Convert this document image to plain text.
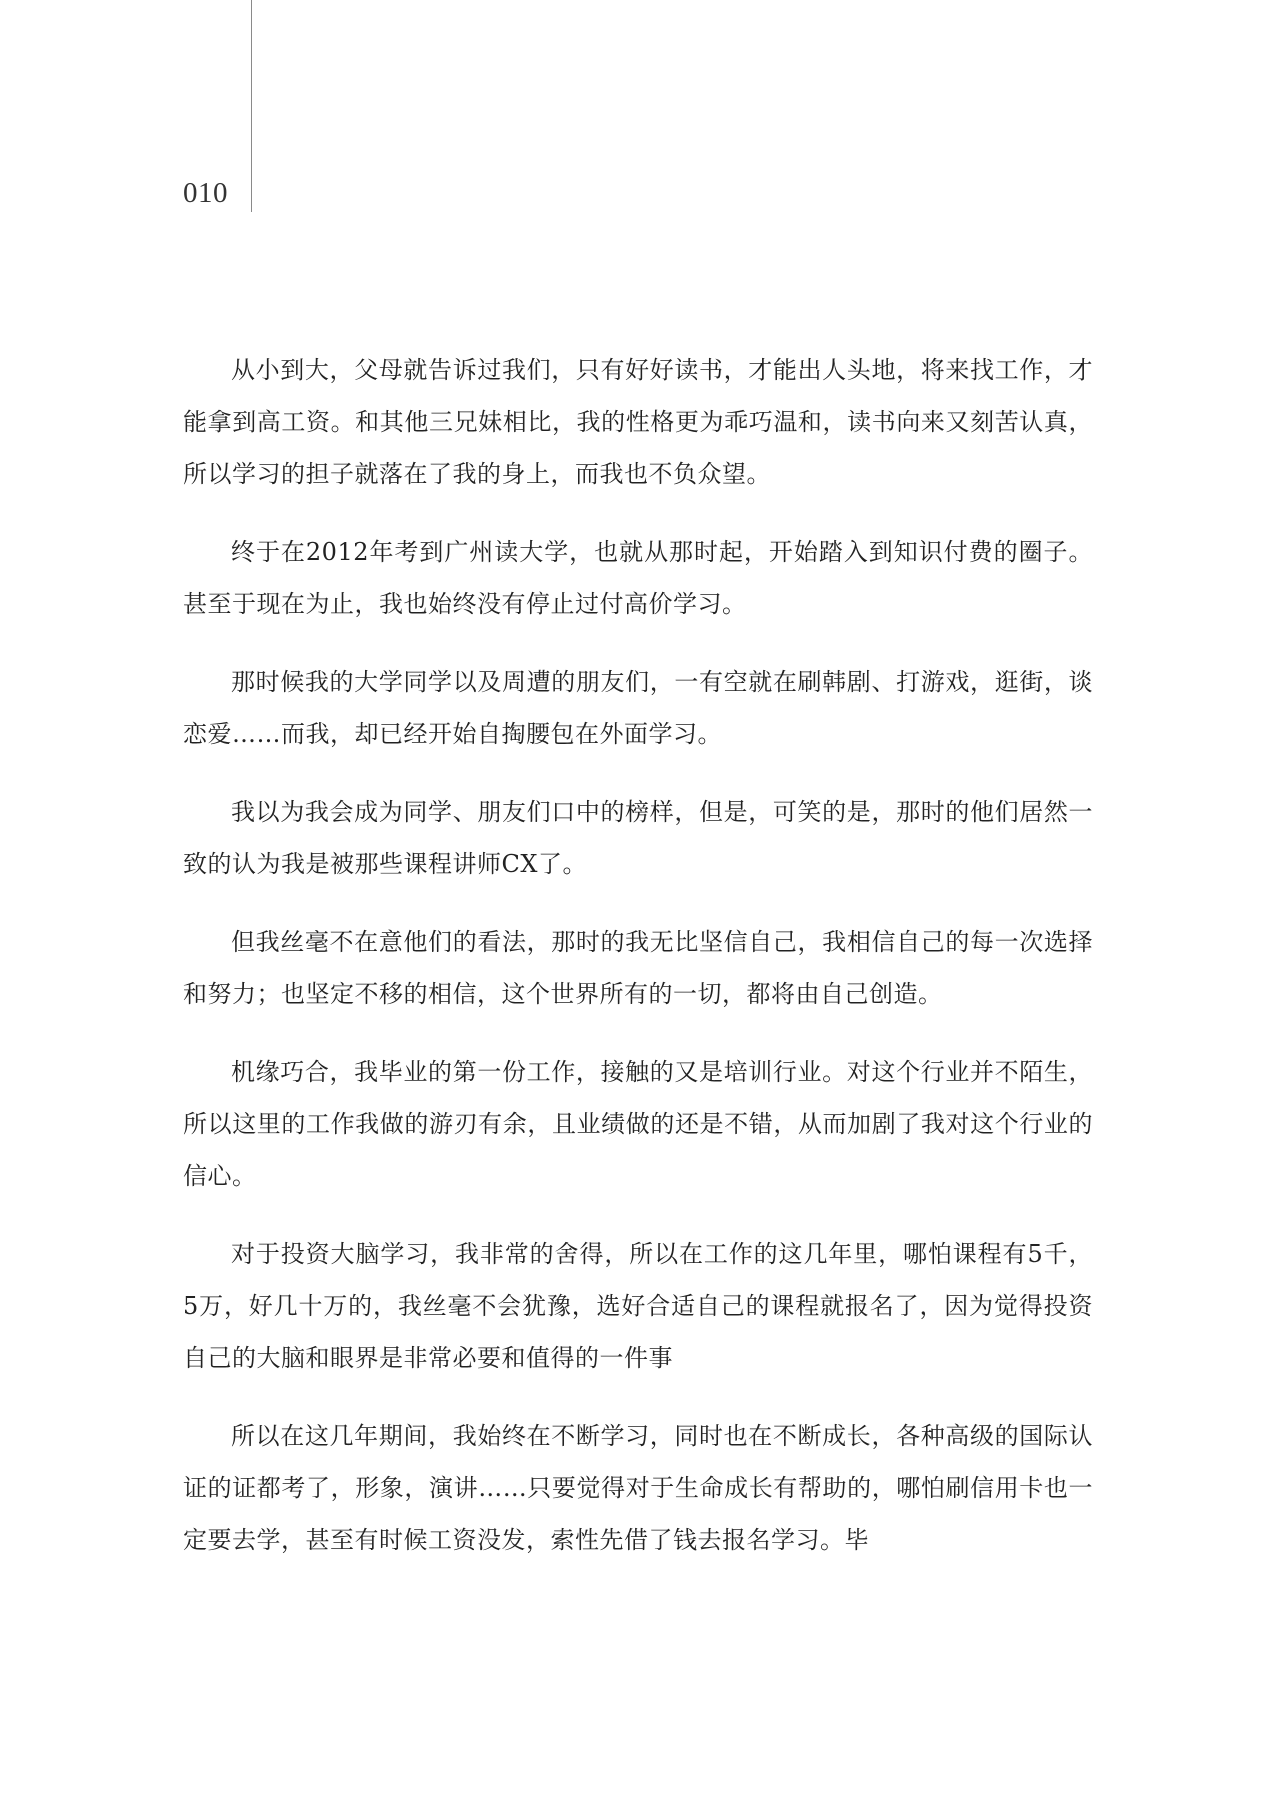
010

从小到大，父母就告诉过我们，只有好好读书，才能出人头地，将来找工作，才能拿到高工资。和其他三兄妹相比，我的性格更为乖巧温和，读书向来又刻苦认真，所以学习的担子就落在了我的身上，而我也不负众望。

终于在2012年考到广州读大学，也就从那时起，开始踏入到知识付费的圈子。甚至于现在为止，我也始终没有停止过付高价学习。

那时候我的大学同学以及周遭的朋友们，一有空就在刷韩剧、打游戏，逛街，谈恋爱……而我，却已经开始自掏腰包在外面学习。

我以为我会成为同学、朋友们口中的榜样，但是，可笑的是，那时的他们居然一致的认为我是被那些课程讲师CX了。

但我丝毫不在意他们的看法，那时的我无比坚信自己，我相信自己的每一次选择和努力；也坚定不移的相信，这个世界所有的一切，都将由自己创造。

机缘巧合，我毕业的第一份工作，接触的又是培训行业。对这个行业并不陌生，所以这里的工作我做的游刃有余，且业绩做的还是不错，从而加剧了我对这个行业的信心。

对于投资大脑学习，我非常的舍得，所以在工作的这几年里，哪怕课程有5千，5万，好几十万的，我丝毫不会犹豫，选好合适自己的课程就报名了，因为觉得投资自己的大脑和眼界是非常必要和值得的一件事

所以在这几年期间，我始终在不断学习，同时也在不断成长，各种高级的国际认证的证都考了，形象，演讲……只要觉得对于生命成长有帮助的，哪怕刷信用卡也一定要去学，甚至有时候工资没发，索性先借了钱去报名学习。毕
